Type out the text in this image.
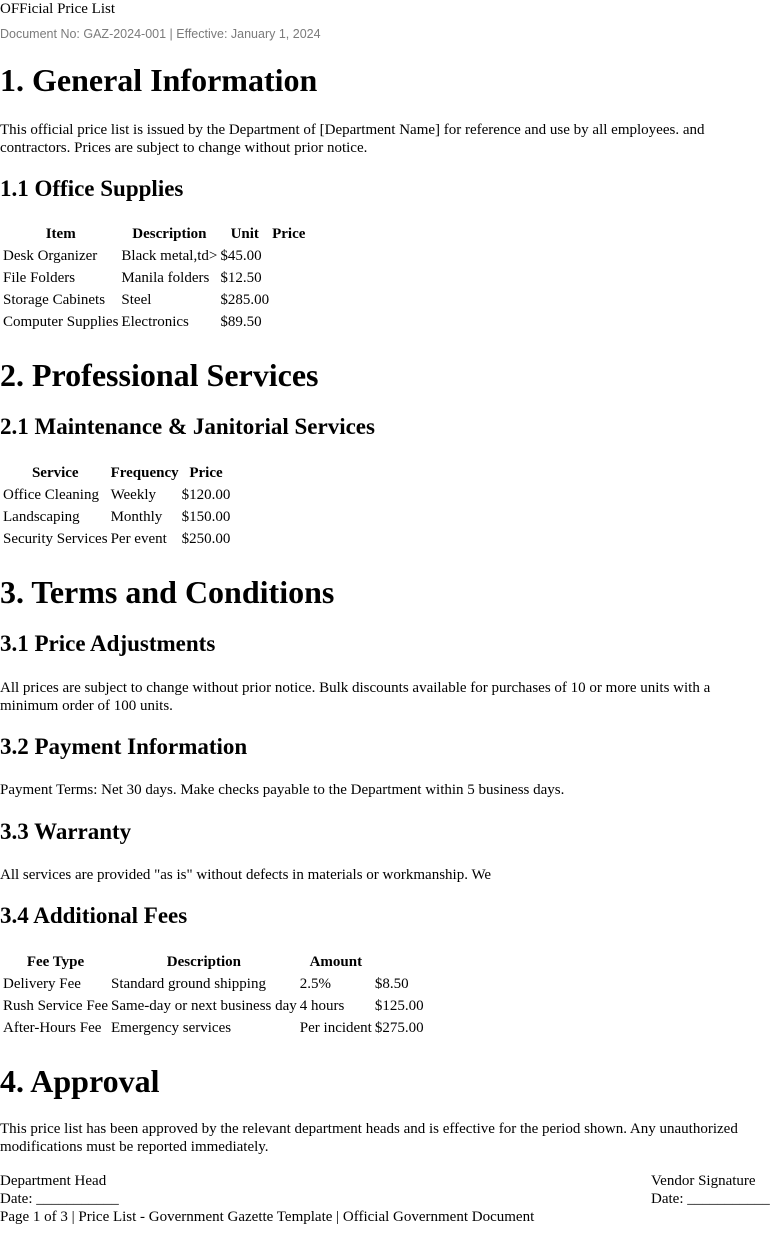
OFFicial Price List
Document No: GAZ-2024-001 | Effective: January 1, 2024
1. General Information

This official price list is issued by the Department of [Department Name] for reference and use by all employees. and contractors. Prices are subject to change without prior notice.

1.1 Office Supplies
Item	Description	Unit	Price
Desk Organizer	Black metal,td>	$45.00	
File Folders	Manila folders	$12.50	
Storage Cabinets	Steel	$285.00	
Computer Supplies	Electronics	$89.50	
2. Professional Services
2.1 Maintenance & Janitorial Services
Service	Frequency	Price
Office Cleaning	Weekly	$120.00
Landscaping	Monthly	$150.00
Security Services	Per event	$250.00
3. Terms and Conditions
3.1 Price Adjustments

All prices are subject to change without prior notice. Bulk discounts available for purchases of 10 or more units with a minimum order of 100 units.

3.2 Payment Information

Payment Terms: Net 30 days. Make checks payable to the Department within 5 business days.

3.3 Warranty

All services are provided "as is" without defects in materials or workmanship. We

3.4 Additional Fees
Fee Type	Description	Amount	
Delivery Fee	Standard ground shipping	2.5%	$8.50
Rush Service Fee	Same-day or next business day	4 hours	$125.00
After-Hours Fee	Emergency services	Per incident	$275.00
4. Approval

This price list has been approved by the relevant department heads and is effective for the period shown. Any unauthorized modifications must be reported immediately.

Department Head
Date: ___________
Vendor Signature
Date: ___________
Page 1 of 3 | Price List - Government Gazette Template | Official Government Document
